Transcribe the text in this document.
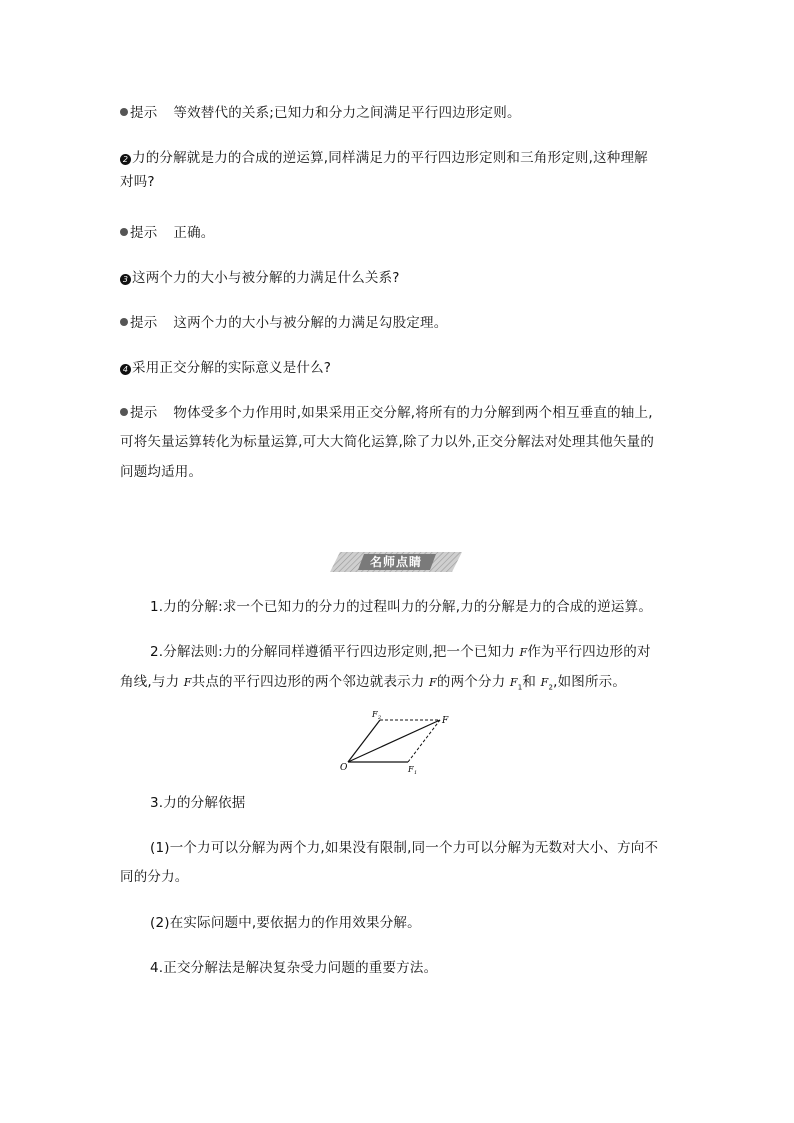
提示 等效替代的关系;已知力和分力之间满足平行四边形定则。
2 力的分解就是力的合成的逆运算,同样满足力的平行四边形定则和三角形定则,这种理解
对吗?
提示 正确。
3 这两个力的大小与被分解的力满足什么关系?
提示 这两个力的大小与被分解的力满足勾股定理。
4 采用正交分解的实际意义是什么?
提示 物体受多个力作用时,如果采用正交分解,将所有的力分解到两个相互垂直的轴上,
可将矢量运算转化为标量运算,可大大简化运算,除了力以外,正交分解法对处理其他矢量的
问题均适用。
名师点睛
1.力的分解:求一个已知力的分力的过程叫力的分解,力的分解是力的合成的逆运算。
2.分解法则:力的分解同样遵循平行四边形定则,把一个已知力 F作为平行四边形的对
角线,与力 F共点的平行四边形的两个邻边就表示力 F的两个分力 $F_1$和 $F_2$,如图所示。
O
F
F 1
F 2
3.力的分解依据
(1)一个力可以分解为两个力,如果没有限制,同一个力可以分解为无数对大小、方向不
同的分力。
(2)在实际问题中,要依据力的作用效果分解。
4.正交分解法是解决复杂受力问题的重要方法。
